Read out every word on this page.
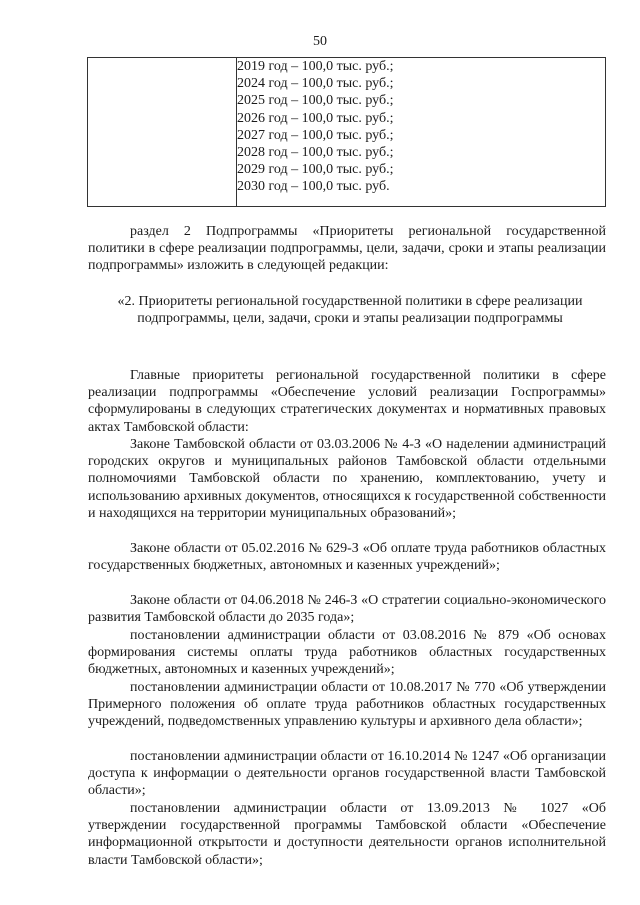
50

2019 год – 100,0 тыс. руб.;
2024 год – 100,0 тыс. руб.;
2025 год – 100,0 тыс. руб.;
2026 год – 100,0 тыс. руб.;
2027 год – 100,0 тыс. руб.;
2028 год – 100,0 тыс. руб.;
2029 год – 100,0 тыс. руб.;
2030 год – 100,0 тыс. руб.

раздел 2 Подпрограммы «Приоритеты региональной государственной политики в сфере реализации подпрограммы, цели, задачи, сроки и этапы реализации подпрограммы» изложить в следующей редакции:

«2. Приоритеты региональной государственной политики в сфере реализации подпрограммы, цели, задачи, сроки и этапы реализации подпрограммы

Главные приоритеты региональной государственной политики в сфере реализации подпрограммы «Обеспечение условий реализации Госпрограммы» сформулированы в следующих стратегических документах и нормативных правовых актах Тамбовской области:

Законе Тамбовской области от 03.03.2006 № 4-З «О наделении администраций городских округов и муниципальных районов Тамбовской области отдельными полномочиями Тамбовской области по хранению, комплектованию, учету и использованию архивных документов, относящихся к государственной собственности и находящихся на территории муниципальных образований»;

Законе области от 05.02.2016 № 629-З «Об оплате труда работников областных государственных бюджетных, автономных и казенных учреждений»;

Законе области от 04.06.2018 № 246-З «О стратегии социально-экономического развития Тамбовской области до 2035 года»;

постановлении администрации области от 03.08.2016 № 879 «Об основах формирования системы оплаты труда работников областных государственных бюджетных, автономных и казенных учреждений»;

постановлении администрации области от 10.08.2017 № 770 «Об утверждении Примерного положения об оплате труда работников областных государственных учреждений, подведомственных управлению культуры и архивного дела области»;

постановлении администрации области от 16.10.2014 № 1247 «Об организации доступа к информации о деятельности органов государственной власти Тамбовской области»;

постановлении администрации области от 13.09.2013 № 1027 «Об утверждении государственной программы Тамбовской области «Обеспечение информационной открытости и доступности деятельности органов исполнительной власти Тамбовской области»;
